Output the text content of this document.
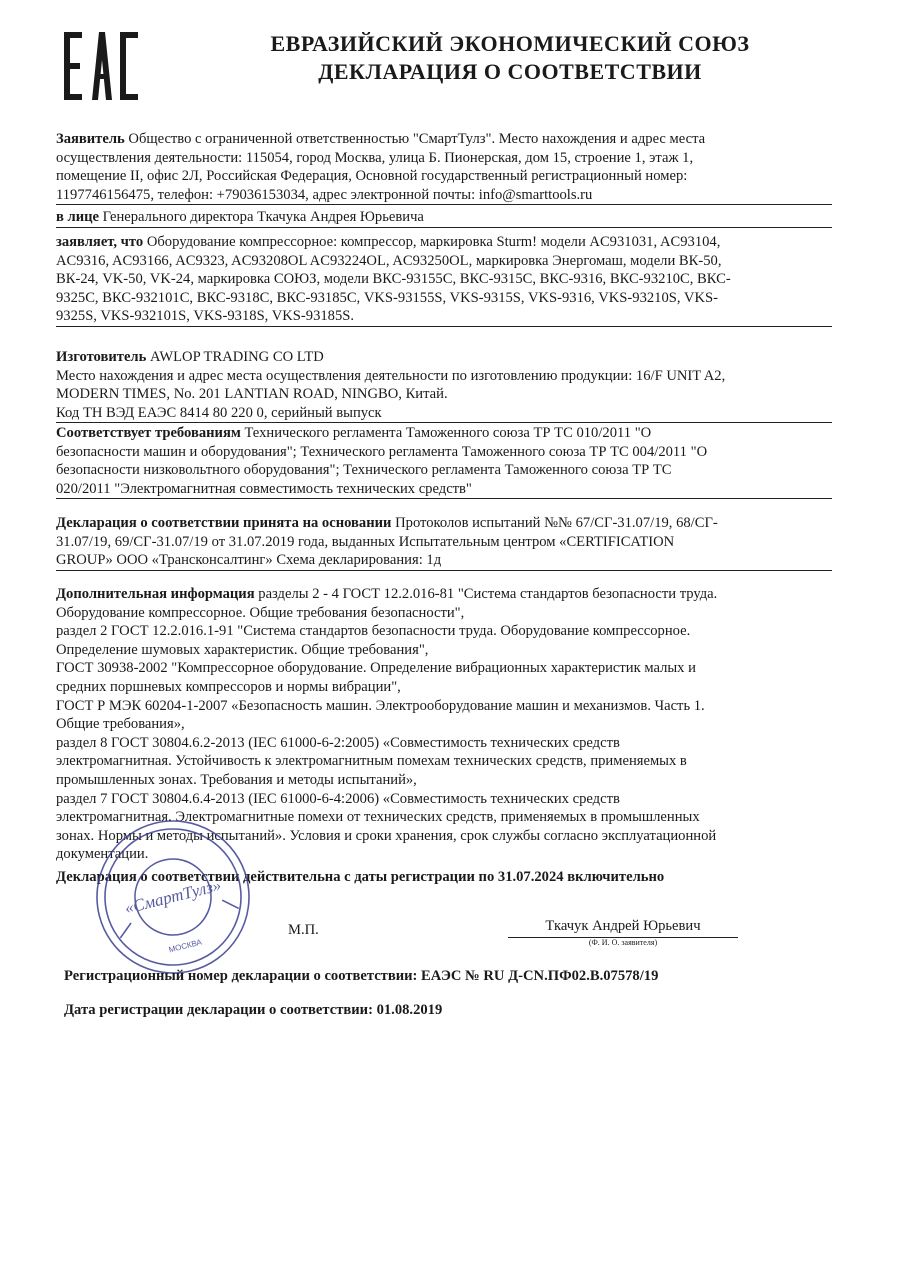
ЕВРАЗИЙСКИЙ ЭКОНОМИЧЕСКИЙ СОЮЗ
ДЕКЛАРАЦИЯ О СООТВЕТСТВИИ
Заявитель Общество с ограниченной ответственностью "СмартТулз". Место нахождения и адрес места
осуществления деятельности: 115054, город Москва, улица Б. Пионерская, дом 15, строение 1, этаж 1,
помещение II, офис 2Л, Российская Федерация, Основной государственный регистрационный номер:
1197746156475, телефон: +79036153034, адрес электронной почты: info@smarttools.ru
в лице Генерального директора Ткачука Андрея Юрьевича
заявляет, что Оборудование компрессорное: компрессор, маркировка Sturm! модели AC931031, AC93104,
AC9316, AC93166, AC9323, AC93208OL AC93224OL, AC93250OL, маркировка Энергомаш, модели ВК-50,
ВК-24, VK-50, VK-24, маркировка СОЮЗ, модели ВКС-93155С, ВКС-9315С, ВКС-9316, ВКС-93210С, ВКС-
9325С, ВКС-932101С, ВКС-9318С, ВКС-93185С, VKS-93155S, VKS-9315S, VKS-9316, VKS-93210S, VKS-
9325S, VKS-932101S, VKS-9318S, VKS-93185S.
Изготовитель AWLOP TRADING CO LTD
Место нахождения и адрес места осуществления деятельности по изготовлению продукции: 16/F UNIT A2,
MODERN TIMES, No. 201 LANTIAN ROAD, NINGBO, Китай.
Код ТН ВЭД ЕАЭС 8414 80 220 0, серийный выпуск
Соответствует требованиям Технического регламента Таможенного союза ТР ТС 010/2011 "О
безопасности машин и оборудования"; Технического регламента Таможенного союза ТР ТС 004/2011 "О
безопасности низковольтного оборудования"; Технического регламента Таможенного союза ТР ТС
020/2011 "Электромагнитная совместимость технических средств"
Декларация о соответствии принята на основании Протоколов испытаний №№ 67/СГ-31.07/19, 68/СГ-
31.07/19, 69/СГ-31.07/19 от 31.07.2019 года, выданных Испытательным центром «CERTIFICATION
GROUP» ООО «Трансконсалтинг» Схема декларирования: 1д
Дополнительная информация разделы 2 - 4 ГОСТ 12.2.016-81 "Система стандартов безопасности труда.
Оборудование компрессорное. Общие требования безопасности",
раздел 2 ГОСТ 12.2.016.1-91 "Система стандартов безопасности труда. Оборудование компрессорное.
Определение шумовых характеристик. Общие требования",
ГОСТ 30938-2002 "Компрессорное оборудование. Определение вибрационных характеристик малых и
средних поршневых компрессоров и нормы вибрации",
ГОСТ Р МЭК 60204-1-2007 «Безопасность машин. Электрооборудование машин и механизмов. Часть 1.
Общие требования»,
раздел 8 ГОСТ 30804.6.2-2013 (IEC 61000-6-2:2005) «Совместимость технических средств
электромагнитная. Устойчивость к электромагнитным помехам технических средств, применяемых в
промышленных зонах. Требования и методы испытаний»,
раздел 7 ГОСТ 30804.6.4-2013 (IEC 61000-6-4:2006) «Совместимость технических средств
электромагнитная. Электромагнитные помехи от технических средств, применяемых в промышленных
зонах. Нормы и методы испытаний». Условия и сроки хранения, срок службы согласно эксплуатационной
документации.
Декларация о соответствии действительна с даты регистрации по 31.07.2024 включительно
«СмартТулз»
МОСКВА
М.П.	Ткачук Андрей Юрьевич
(Ф. И. О. заявителя)
Регистрационный номер декларации о соответствии: ЕАЭС № RU Д-CN.ПФ02.В.07578/19
Дата регистрации декларации о соответствии: 01.08.2019
